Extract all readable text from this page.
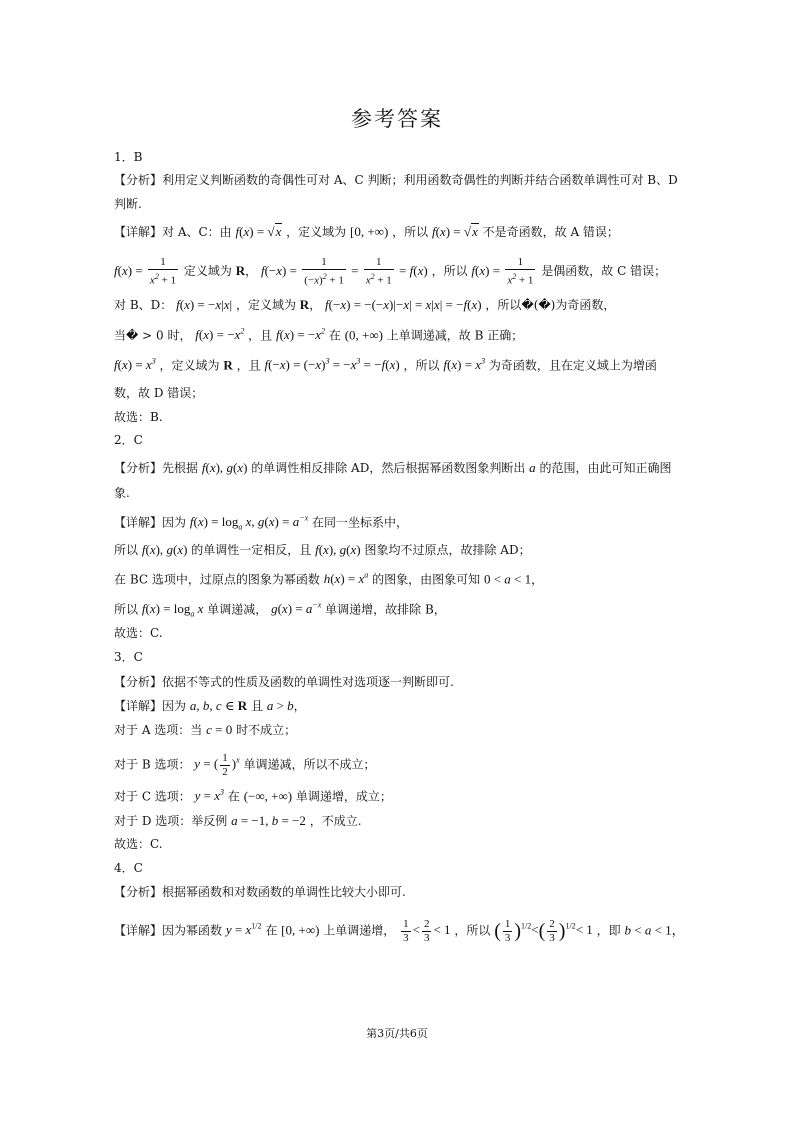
参考答案
1．B
【分析】利用定义判断函数的奇偶性可对 A、C 判断；利用函数奇偶性的判断并结合函数单调性可对 B、D
判断.
【详解】对 A、C：由 f(x) = √x ，定义域为 [0, +∞) ，所以 f(x) = √x 不是奇函数，故 A 错误；
$f(x) = \frac{1}{x^2 + 1}$ 定义域为 R， $f(-x) = \frac{1}{(-x)^2 + 1} = \frac{1}{x^2 + 1} = f(x)$ ，所以 $f(x) = \frac{1}{x^2 + 1}$ 是偶函数，故 C 错误；
对 B、D： f(x) = −x|x| ，定义域为 R， f(−x) = −(−x)|−x| = x|x| = −f(x) ，所以�(�)为奇函数，
当� > 0 时， $f(x) = -x^2$ ，且 $f(x) = -x^2$ 在 (0, +∞) 上单调递减，故 B 正确；
$f(x) = x^3$ ，定义域为 R ，且 $f(-x) = (-x)^3 = -x^3 = -f(x)$ ，所以 $f(x) = x^3$ 为奇函数，且在定义域上为增函
数，故 D 错误；
故选：B.
2．C
【分析】先根据 f(x), g(x) 的单调性相反排除 AD，然后根据幂函数图象判断出 a 的范围，由此可知正确图
象.
【详解】因为 $f(x) = \log_a x$, $g(x) = a^{-x}$ 在同一坐标系中，
所以 f(x), g(x) 的单调性一定相反，且 f(x), g(x) 图象均不过原点，故排除 AD；
在 BC 选项中，过原点的图象为幂函数 $h(x) = x^a$ 的图象，由图象可知 0 < a < 1，
所以 $f(x) = \log_a x$ 单调递减， $g(x) = a^{-x}$ 单调递增，故排除 B，
故选：C.
3．C
【分析】依据不等式的性质及函数的单调性对选项逐一判断即可.
【详解】因为 a, b, c ∈ R 且 a > b，
对于 A 选项：当 c = 0 时不成立；
对于 B 选项： y = ( $\frac{1}{2} )^x$ 单调递减，所以不成立；
对于 C 选项： $y = x^3$ 在 (−∞, +∞) 单调递增，成立；
对于 D 选项：举反例 a = −1, b = −2 ，不成立.
故选：C.
4．C
【分析】根据幂函数和对数函数的单调性比较大小即可.
【详解】因为幂函数 $y = x^{1/2}$ 在 [0, +∞) 上单调递增， $\frac{1}{3} < \frac{2}{3} < 1$ ，所以 ( $\frac{1}{3} )^{1/2}<( \frac{2}{3} )^{1/2}< 1$ ，即 b < a < 1，
第3页/共6页
